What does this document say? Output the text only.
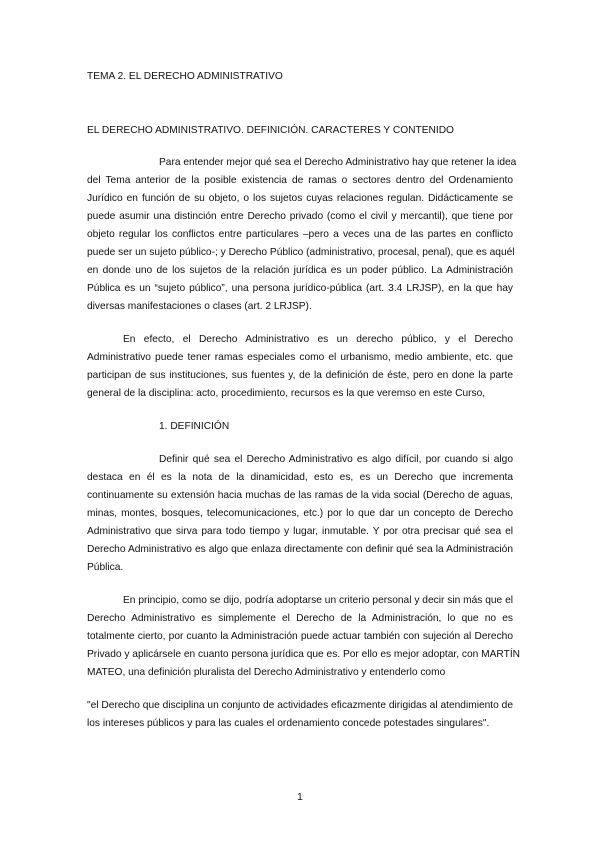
TEMA 2. EL DERECHO ADMINISTRATIVO

EL DERECHO ADMINISTRATIVO. DEFINICIÓN. CARACTERES Y CONTENIDO

Para entender mejor qué sea el Derecho Administrativo hay que retener la idea

del Tema anterior de la posible existencia de ramas o sectores dentro del Ordenamiento

Jurídico en función de su objeto, o los sujetos cuyas relaciones regulan. Didácticamente se

puede asumir una distinción entre Derecho privado (como el civil y mercantil), que tiene por

objeto regular los conflictos entre particulares –pero a veces una de las partes en conflicto

puede ser un sujeto público-; y Derecho Público (administrativo, procesal, penal), que es aquél

en donde uno de los sujetos de la relación jurídica es un poder público. La Administración

Pública es un “sujeto público”, una persona jurídico-pública (art. 3.4 LRJSP), en la que hay

diversas manifestaciones o clases (art. 2 LRJSP).

En efecto, el Derecho Administrativo es un derecho público, y el Derecho

Administrativo puede tener ramas especiales como el urbanismo, medio ambiente, etc. que

participan de sus instituciones, sus fuentes y, de la definición de éste, pero en done la parte

general de la disciplina: acto, procedimiento, recursos es la que veremso en este Curso,

1. DEFINICIÓN

Definir qué sea el Derecho Administrativo es algo difícil, por cuando si algo

destaca en él es la nota de la dinamicidad, esto es, es un Derecho que incrementa

continuamente su extensión hacia muchas de las ramas de la vida social (Derecho de aguas,

minas, montes, bosques, telecomunicaciones, etc.) por lo que dar un concepto de Derecho

Administrativo que sirva para todo tiempo y lugar, inmutable. Y por otra precisar qué sea el

Derecho Administrativo es algo que enlaza directamente con definir qué sea la Administración

Pública.

En principio, como se dijo, podría adoptarse un criterio personal y decir sin más que el

Derecho Administrativo es simplemente el Derecho de la Administración, lo que no es

totalmente cierto, por cuanto la Administración puede actuar también con sujeción al Derecho

Privado y aplicársele en cuanto persona jurídica que es. Por ello es mejor adoptar, con MARTÍN

MATEO, una definición pluralista del Derecho Administrativo y entenderlo como

"el Derecho que disciplina un conjunto de actividades eficazmente dirigidas al atendimiento de

los intereses públicos y para las cuales el ordenamiento concede potestades singulares".

1
